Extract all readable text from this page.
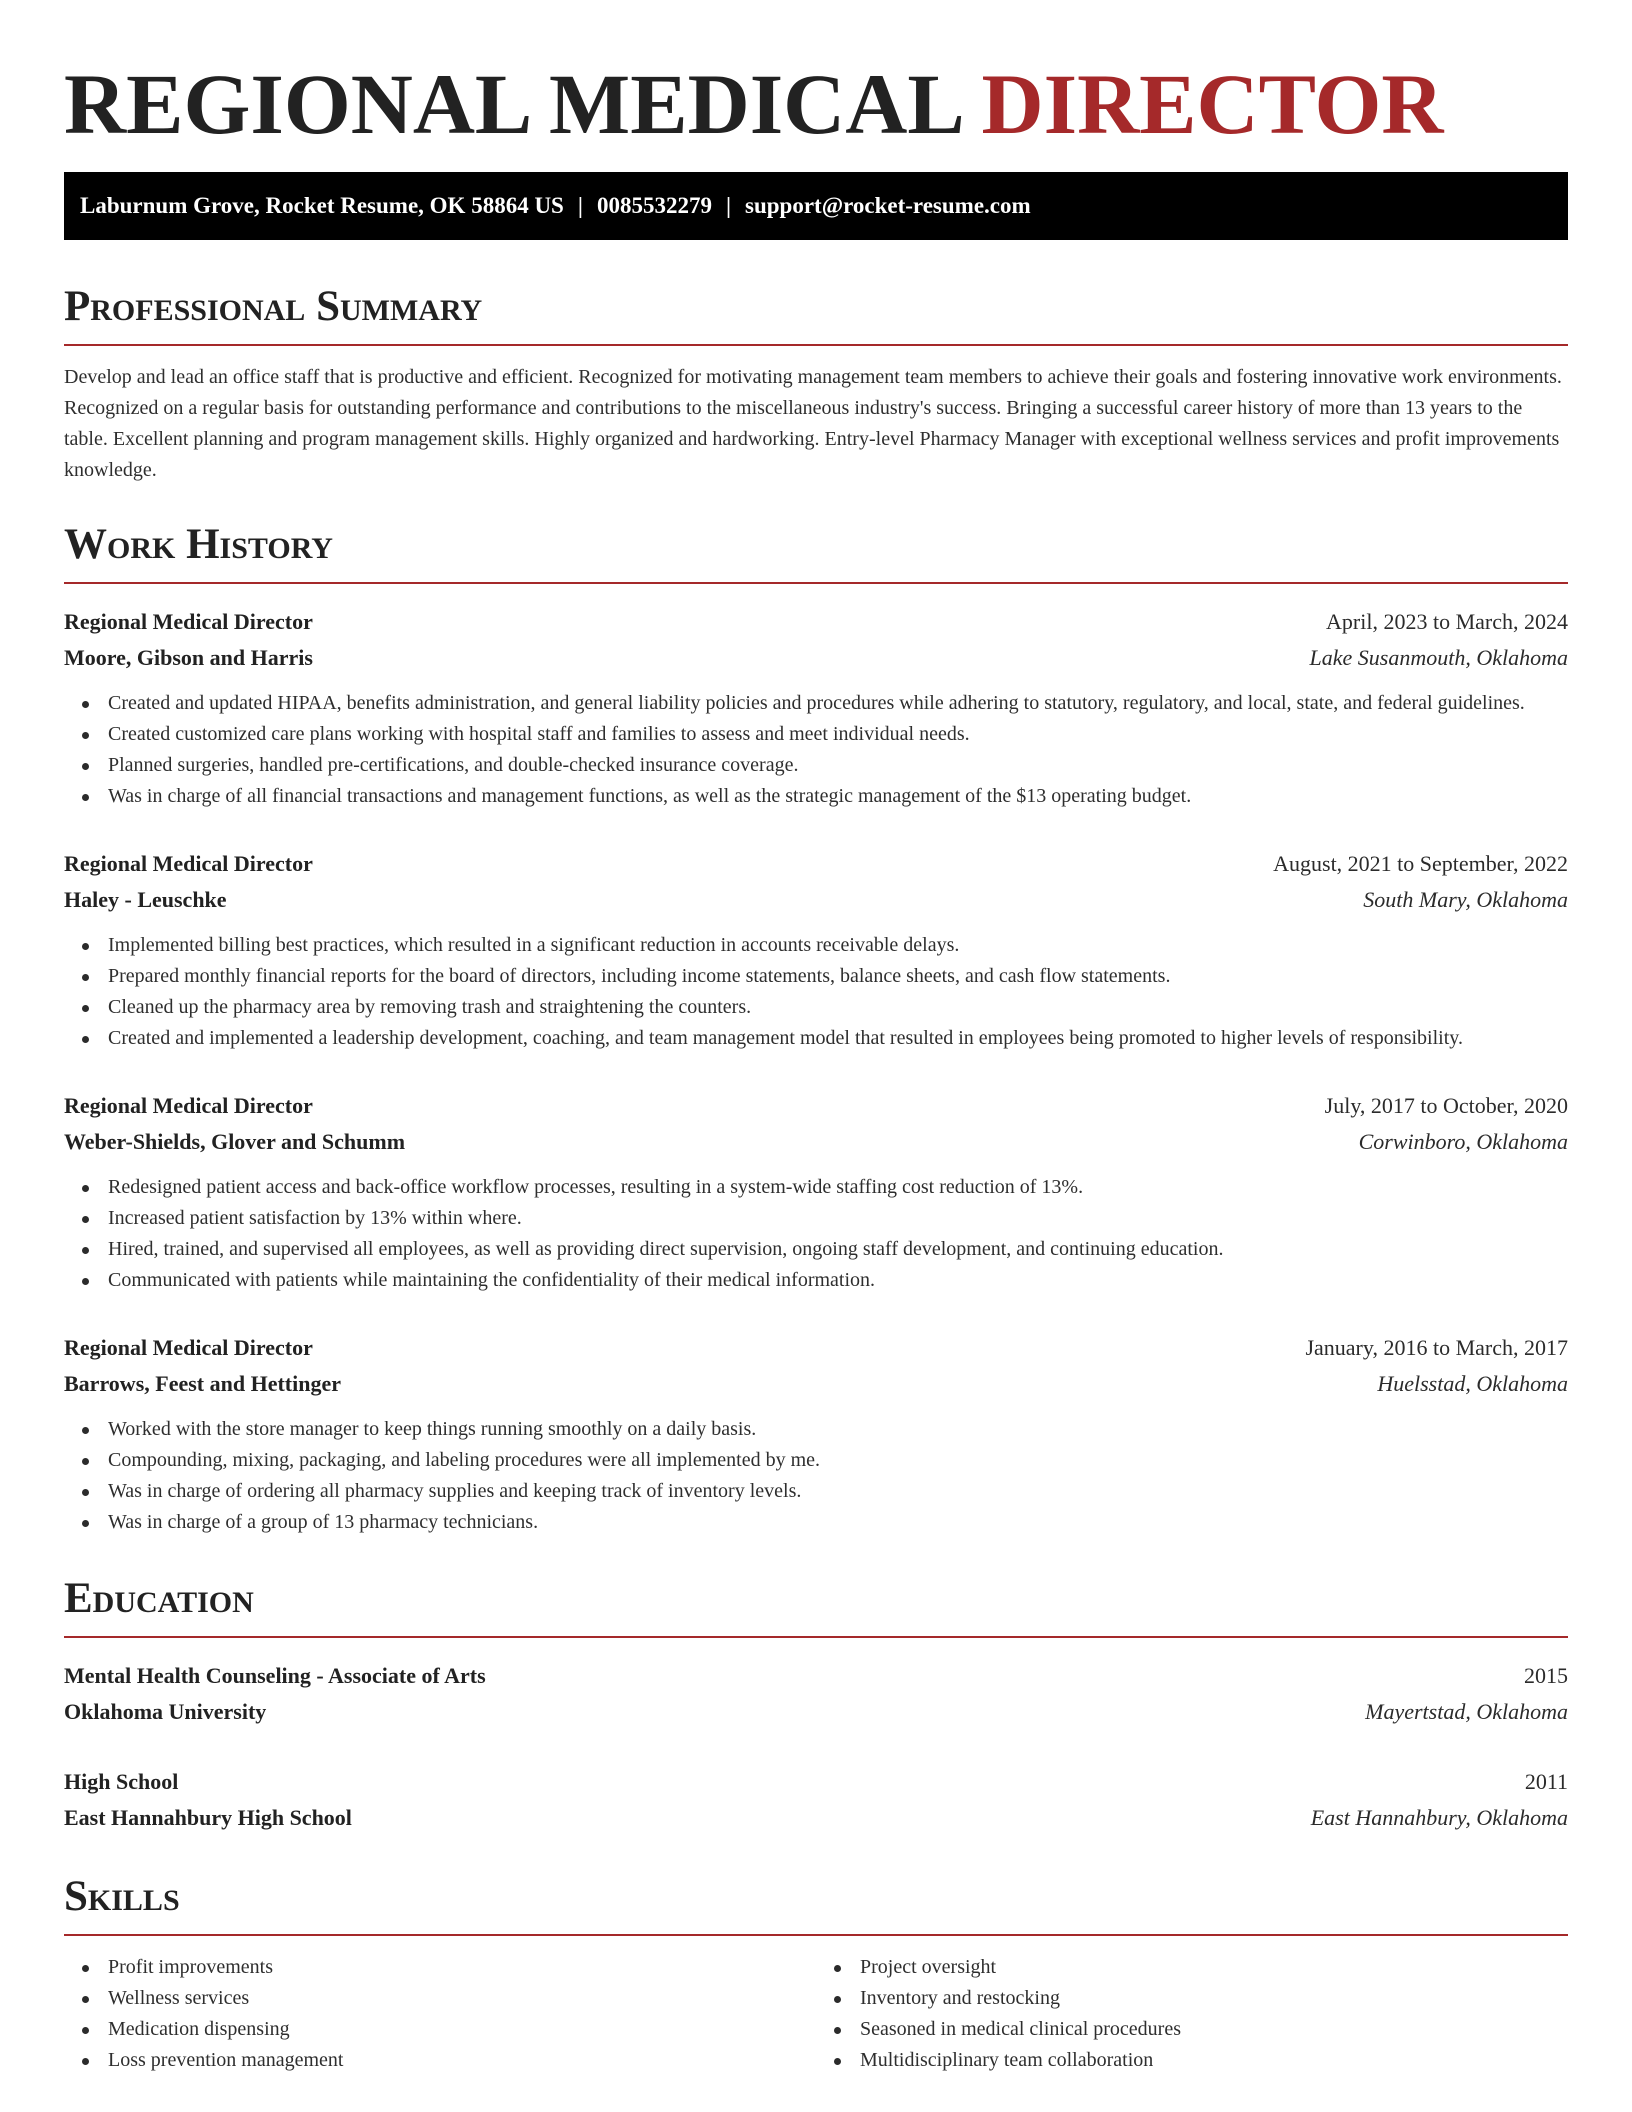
REGIONAL MEDICAL DIRECTOR
Laburnum Grove, Rocket Resume, OK 58864 US | 0085532279 | support@rocket-resume.com
Professional Summary

Develop and lead an office staff that is productive and efficient. Recognized for motivating management team members to achieve their goals and fostering innovative work environments. Recognized on a regular basis for outstanding performance and contributions to the miscellaneous industry's success. Bringing a successful career history of more than 13 years to the table. Excellent planning and program management skills. Highly organized and hardworking. Entry-level Pharmacy Manager with exceptional wellness services and profit improvements knowledge.

Work History
Regional Medical Director	April, 2023 to March, 2024
Moore, Gibson and Harris	Lake Susanmouth, Oklahoma
Created and updated HIPAA, benefits administration, and general liability policies and procedures while adhering to statutory, regulatory, and local, state, and federal guidelines.
Created customized care plans working with hospital staff and families to assess and meet individual needs.
Planned surgeries, handled pre-certifications, and double-checked insurance coverage.
Was in charge of all financial transactions and management functions, as well as the strategic management of the $13 operating budget.
Regional Medical Director	August, 2021 to September, 2022
Haley - Leuschke	South Mary, Oklahoma
Implemented billing best practices, which resulted in a significant reduction in accounts receivable delays.
Prepared monthly financial reports for the board of directors, including income statements, balance sheets, and cash flow statements.
Cleaned up the pharmacy area by removing trash and straightening the counters.
Created and implemented a leadership development, coaching, and team management model that resulted in employees being promoted to higher levels of responsibility.
Regional Medical Director	July, 2017 to October, 2020
Weber-Shields, Glover and Schumm	Corwinboro, Oklahoma
Redesigned patient access and back-office workflow processes, resulting in a system-wide staffing cost reduction of 13%.
Increased patient satisfaction by 13% within where.
Hired, trained, and supervised all employees, as well as providing direct supervision, ongoing staff development, and continuing education.
Communicated with patients while maintaining the confidentiality of their medical information.
Regional Medical Director	January, 2016 to March, 2017
Barrows, Feest and Hettinger	Huelsstad, Oklahoma
Worked with the store manager to keep things running smoothly on a daily basis.
Compounding, mixing, packaging, and labeling procedures were all implemented by me.
Was in charge of ordering all pharmacy supplies and keeping track of inventory levels.
Was in charge of a group of 13 pharmacy technicians.
Education
Mental Health Counseling - Associate of Arts	2015
Oklahoma University	Mayertstad, Oklahoma
High School	2011
East Hannahbury High School	East Hannahbury, Oklahoma
Skills
Profit improvements
Wellness services
Medication dispensing
Loss prevention management
Project oversight
Inventory and restocking
Seasoned in medical clinical procedures
Multidisciplinary team collaboration
